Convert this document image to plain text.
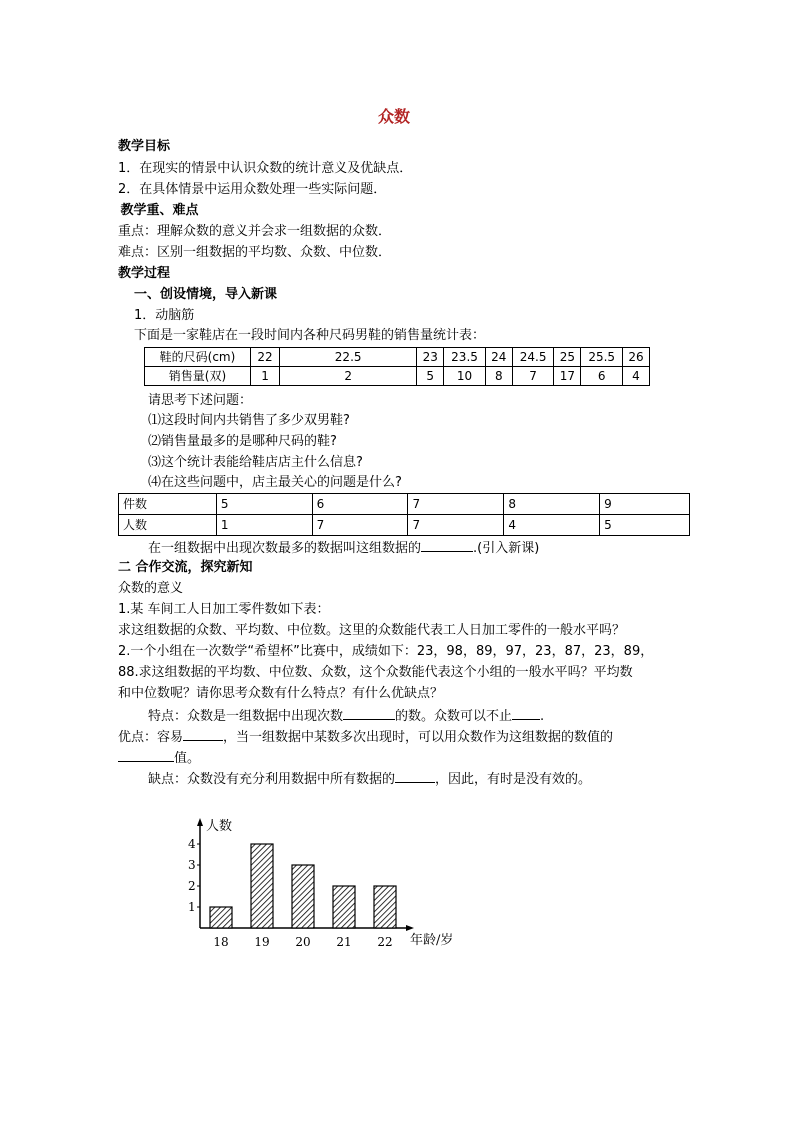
众数
教学目标
1．在现实的情景中认识众数的统计意义及优缺点．
2．在具体情景中运用众数处理一些实际问题．
教学重、难点
重点：理解众数的意义并会求一组数据的众数．
难点：区别一组数据的平均数、众数、中位数．
教学过程
一、创设情境，导入新课
1．动脑筋
下面是一家鞋店在一段时间内各种尺码男鞋的销售量统计表：
鞋的尺码(cm)	22	22.5	23	23.5	24	24.5	25	25.5	26
销售量(双)	1	2	5	10	8	7	17	6	4
请思考下述问题：
⑴这段时间内共销售了多少双男鞋?
⑵销售量最多的是哪种尺码的鞋?
⑶这个统计表能给鞋店店主什么信息?
⑷在这些问题中，店主最关心的问题是什么?
件数	5	6	7	8	9
人数	1	7	7	4	5
在一组数据中出现次数最多的数据叫这组数据的	.(引入新课)
二 合作交流，探究新知
众数的意义
1.某 车间工人日加工零件数如下表：
求这组数据的众数、平均数、中位数。这里的众数能代表工人日加工零件的一般水平吗？
2.一个小组在一次数学“希望杯”比赛中，成绩如下：23，98，89，97，23，87，23，89，
88.求这组数据的平均数、中位数、众数，这个众数能代表这个小组的一般水平吗？平均数
和中位数呢？请你思考众数有什么特点？有什么优缺点？
特点：众数是一组数据中出现次数	的数。众数可以不止 .
优点：容易	，当一组数据中某数多次出现时，可以用众数作为这组数据的数值的
值。
缺点：众数没有充分利用数据中所有数据的	，因此，有时是没有效的。
人数
年龄/岁
1
2
3
4
18 19 20 21 22
